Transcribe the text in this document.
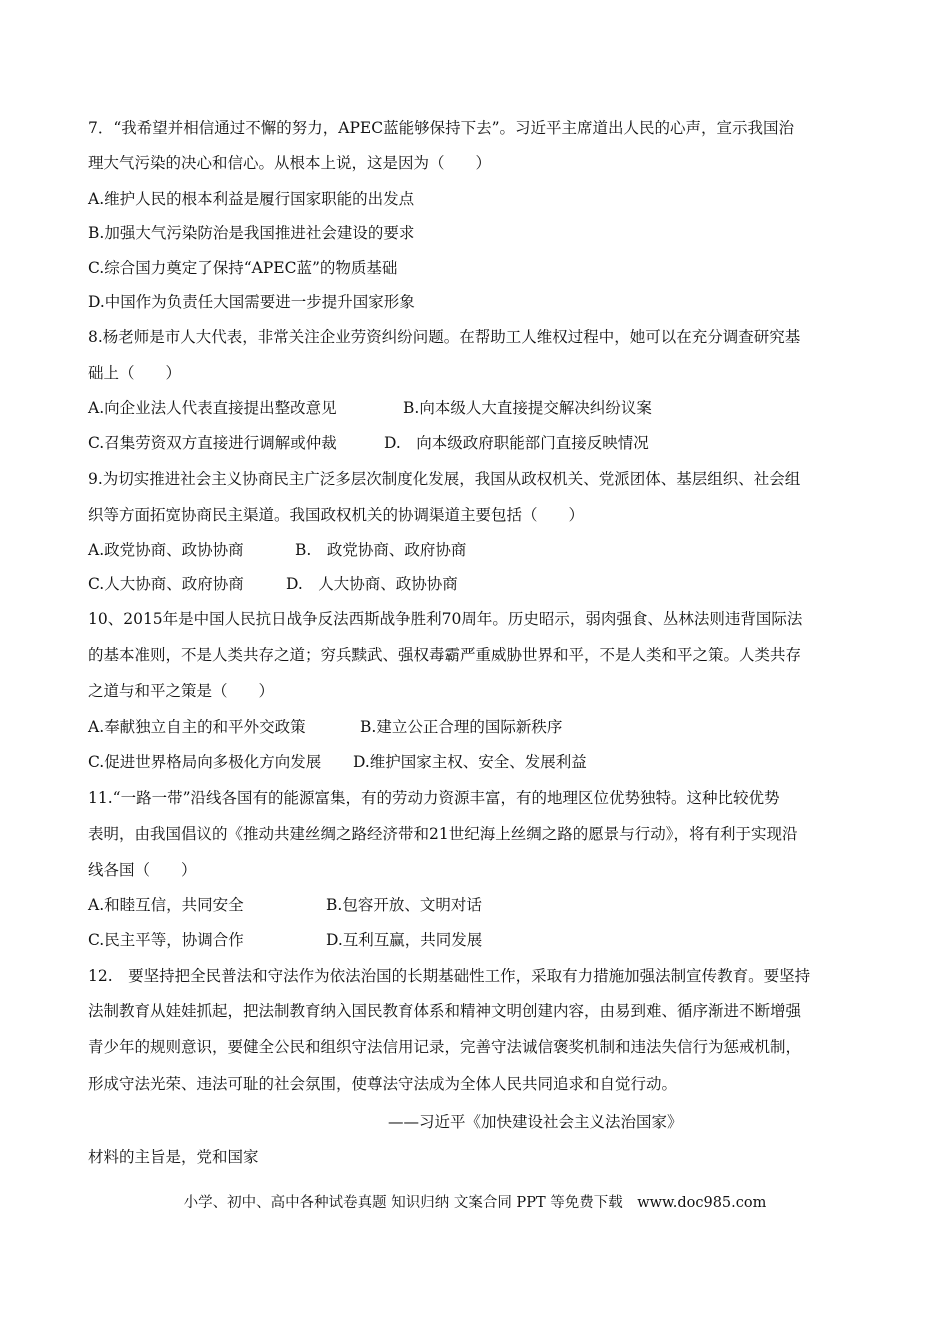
7．“我希望并相信通过不懈的努力，APEC蓝能够保持下去”。习近平主席道出人民的心声，宣示我国治
理大气污染的决心和信心。从根本上说，这是因为（　　）
A.维护人民的根本利益是履行国家职能的出发点
B.加强大气污染防治是我国推进社会建设的要求
C.综合国力奠定了保持“APEC蓝”的物质基础
D.中国作为负责任大国需要进一步提升国家形象
8.杨老师是市人大代表，非常关注企业劳资纠纷问题。在帮助工人维权过程中，她可以在充分调查研究基
础上（　　）
A.向企业法人代表直接提出整改意见	B.向本级人大直接提交解决纠纷议案
C.召集劳资双方直接进行调解或仲裁	D.　向本级政府职能部门直接反映情况
9.为切实推进社会主义协商民主广泛多层次制度化发展，我国从政权机关、党派团体、基层组织、社会组
织等方面拓宽协商民主渠道。我国政权机关的协调渠道主要包括（　　）
A.政党协商、政协协商	B.　政党协商、政府协商
C.人大协商、政府协商	D.　人大协商、政协协商
10、2015年是中国人民抗日战争反法西斯战争胜利70周年。历史昭示，弱肉强食、丛林法则违背国际法
的基本准则，不是人类共存之道；穷兵黩武、强权毒霸严重威胁世界和平，不是人类和平之策。人类共存
之道与和平之策是（　　）
A.奉献独立自主的和平外交政策	B.建立公正合理的国际新秩序
C.促进世界格局向多极化方向发展 D.维护国家主权、安全、发展利益
11.“一路一带”沿线各国有的能源富集，有的劳动力资源丰富，有的地理区位优势独特。这种比较优势
表明，由我国倡议的《推动共建丝绸之路经济带和21世纪海上丝绸之路的愿景与行动》，将有利于实现沿
线各国（　　）
A.和睦互信，共同安全	B.包容开放、文明对话
C.民主平等，协调合作	D.互利互赢，共同发展
12.　要坚持把全民普法和守法作为依法治国的长期基础性工作，采取有力措施加强法制宣传教育。要坚持
法制教育从娃娃抓起，把法制教育纳入国民教育体系和精神文明创建内容，由易到难、循序渐进不断增强
青少年的规则意识，要健全公民和组织守法信用记录，完善守法诚信褒奖机制和违法失信行为惩戒机制，
形成守法光荣、违法可耻的社会氛围，使尊法守法成为全体人民共同追求和自觉行动。
——习近平《加快建设社会主义法治国家》
材料的主旨是，党和国家
小学、初中、高中各种试卷真题 知识归纳 文案合同 PPT 等免费下载　www.doc985.com
